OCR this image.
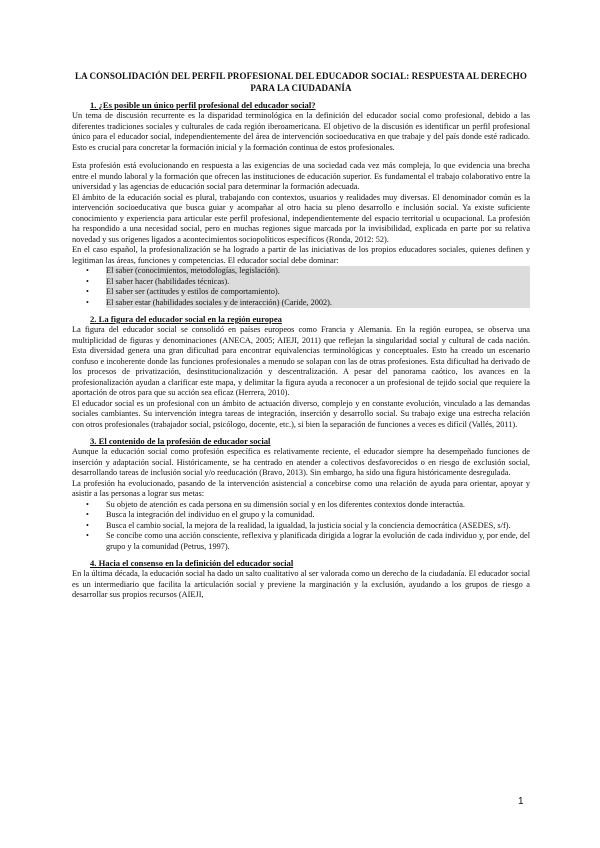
LA CONSOLIDACIÓN DEL PERFIL PROFESIONAL DEL EDUCADOR SOCIAL: RESPUESTA AL DERECHO PARA LA CIUDADANÍA
1. ¿Es posible un único perfil profesional del educador social?

Un tema de discusión recurrente es la disparidad terminológica en la definición del educador social como profesional, debido a las diferentes tradiciones sociales y culturales de cada región iberoamericana. El objetivo de la discusión es identificar un perfil profesional único para el educador social, independientemente del área de intervención socioeducativa en que trabaje y del país donde esté radicado. Esto es crucial para concretar la formación inicial y la formación continua de estos profesionales.

Esta profesión está evolucionando en respuesta a las exigencias de una sociedad cada vez más compleja, lo que evidencia una brecha entre el mundo laboral y la formación que ofrecen las instituciones de educación superior. Es fundamental el trabajo colaborativo entre la universidad y las agencias de educación social para determinar la formación adecuada.

El ámbito de la educación social es plural, trabajando con contextos, usuarios y realidades muy diversas. El denominador común es la intervención socioeducativa que busca guiar y acompañar al otro hacia su pleno desarrollo e inclusión social. Ya existe suficiente conocimiento y experiencia para articular este perfil profesional, independientemente del espacio territorial u ocupacional. La profesión ha respondido a una necesidad social, pero en muchas regiones sigue marcada por la invisibilidad, explicada en parte por su relativa novedad y sus orígenes ligados a acontecimientos sociopolíticos específicos (Ronda, 2012: 52).

En el caso español, la profesionalización se ha logrado a partir de las iniciativas de los propios educadores sociales, quienes definen y legitiman las áreas, funciones y competencias. El educador social debe dominar:

• El saber (conocimientos, metodologías, legislación).
• El saber hacer (habilidades técnicas).
• El saber ser (actitudes y estilos de comportamiento).
• El saber estar (habilidades sociales y de interacción) (Caride, 2002).
2. La figura del educador social en la región europea

La figura del educador social se consolidó en países europeos como Francia y Alemania. En la región europea, se observa una multiplicidad de figuras y denominaciones (ANECA, 2005; AIEJI, 2011) que reflejan la singularidad social y cultural de cada nación. Esta diversidad genera una gran dificultad para encontrar equivalencias terminológicas y conceptuales. Esto ha creado un escenario confuso e incoherente donde las funciones profesionales a menudo se solapan con las de otras profesiones. Esta dificultad ha derivado de los procesos de privatización, desinstitucionalización y descentralización. A pesar del panorama caótico, los avances en la profesionalización ayudan a clarificar este mapa, y delimitar la figura ayuda a reconocer a un profesional de tejido social que requiere la aportación de otros para que su acción sea eficaz (Herrera, 2010).

El educador social es un profesional con un ámbito de actuación diverso, complejo y en constante evolución, vinculado a las demandas sociales cambiantes. Su intervención integra tareas de integración, inserción y desarrollo social. Su trabajo exige una estrecha relación con otros profesionales (trabajador social, psicólogo, docente, etc.), si bien la separación de funciones a veces es difícil (Vallés, 2011).

3. El contenido de la profesión de educador social

Aunque la educación social como profesión específica es relativamente reciente, el educador siempre ha desempeñado funciones de inserción y adaptación social. Históricamente, se ha centrado en atender a colectivos desfavorecidos o en riesgo de exclusión social, desarrollando tareas de inclusión social y/o reeducación (Bravo, 2013). Sin embargo, ha sido una figura históricamente desregulada.

La profesión ha evolucionado, pasando de la intervención asistencial a concebirse como una relación de ayuda para orientar, apoyar y asistir a las personas a lograr sus metas:

• Su objeto de atención es cada persona en su dimensión social y en los diferentes contextos donde interactúa.
• Busca la integración del individuo en el grupo y la comunidad.
• Busca el cambio social, la mejora de la realidad, la igualdad, la justicia social y la conciencia democrática (ASEDES, s/f).
• Se concibe como una acción consciente, reflexiva y planificada dirigida a lograr la evolución de cada individuo y, por ende, del grupo y la comunidad (Petrus, 1997).
4. Hacia el consenso en la definición del educador social

En la última década, la educación social ha dado un salto cualitativo al ser valorada como un derecho de la ciudadanía. El educador social es un intermediario que facilita la articulación social y previene la marginación y la exclusión, ayudando a los grupos de riesgo a desarrollar sus propios recursos (AIEJI,

1
